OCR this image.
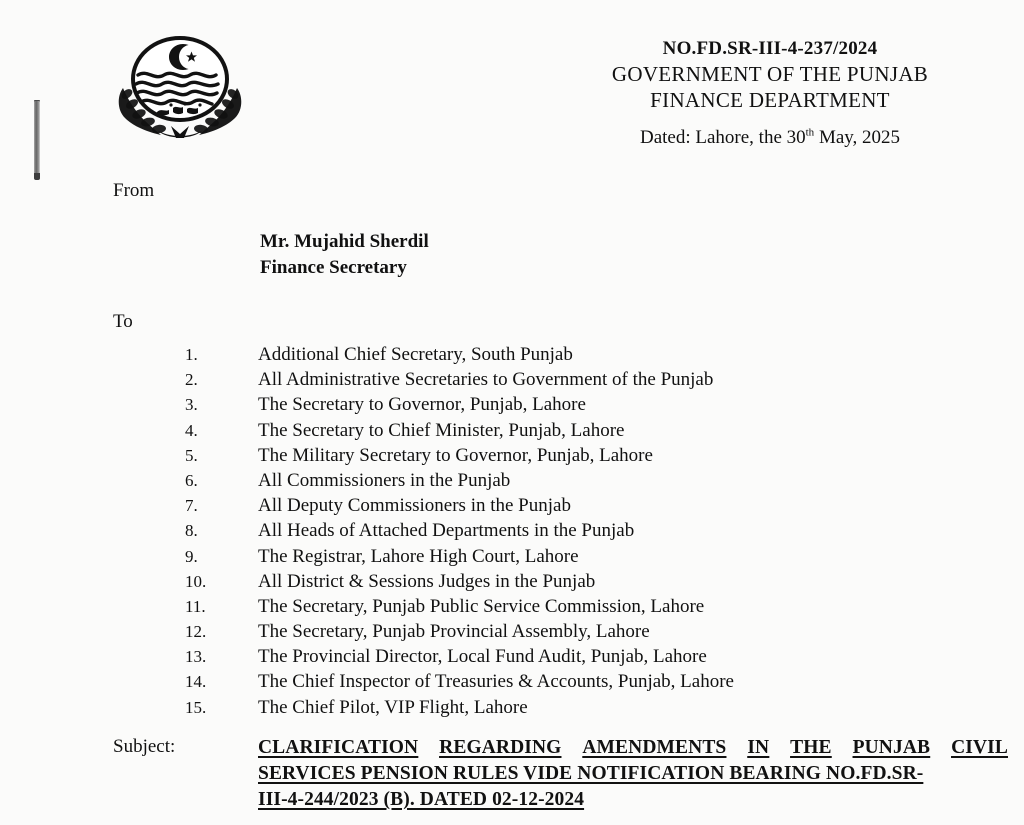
NO.FD.SR-III-4-237/2024
GOVERNMENT OF THE PUNJAB
FINANCE DEPARTMENT
Dated: Lahore, the 30th May, 2025
From
Mr. Mujahid Sherdil
Finance Secretary
To
1.	Additional Chief Secretary, South Punjab
2.	All Administrative Secretaries to Government of the Punjab
3.	The Secretary to Governor, Punjab, Lahore
4.	The Secretary to Chief Minister, Punjab, Lahore
5.	The Military Secretary to Governor, Punjab, Lahore
6.	All Commissioners in the Punjab
7.	All Deputy Commissioners in the Punjab
8.	All Heads of Attached Departments in the Punjab
9.	The Registrar, Lahore High Court, Lahore
10.	All District & Sessions Judges in the Punjab
11.	The Secretary, Punjab Public Service Commission, Lahore
12.	The Secretary, Punjab Provincial Assembly, Lahore
13.	The Provincial Director, Local Fund Audit, Punjab, Lahore
14.	The Chief Inspector of Treasuries & Accounts, Punjab, Lahore
15.	The Chief Pilot, VIP Flight, Lahore
Subject:	CLARIFICATION REGARDING AMENDMENTS IN THE PUNJAB CIVIL
SERVICES PENSION RULES VIDE NOTIFICATION BEARING NO.FD.SR-
III-4-244/2023 (B). DATED 02-12-2024
